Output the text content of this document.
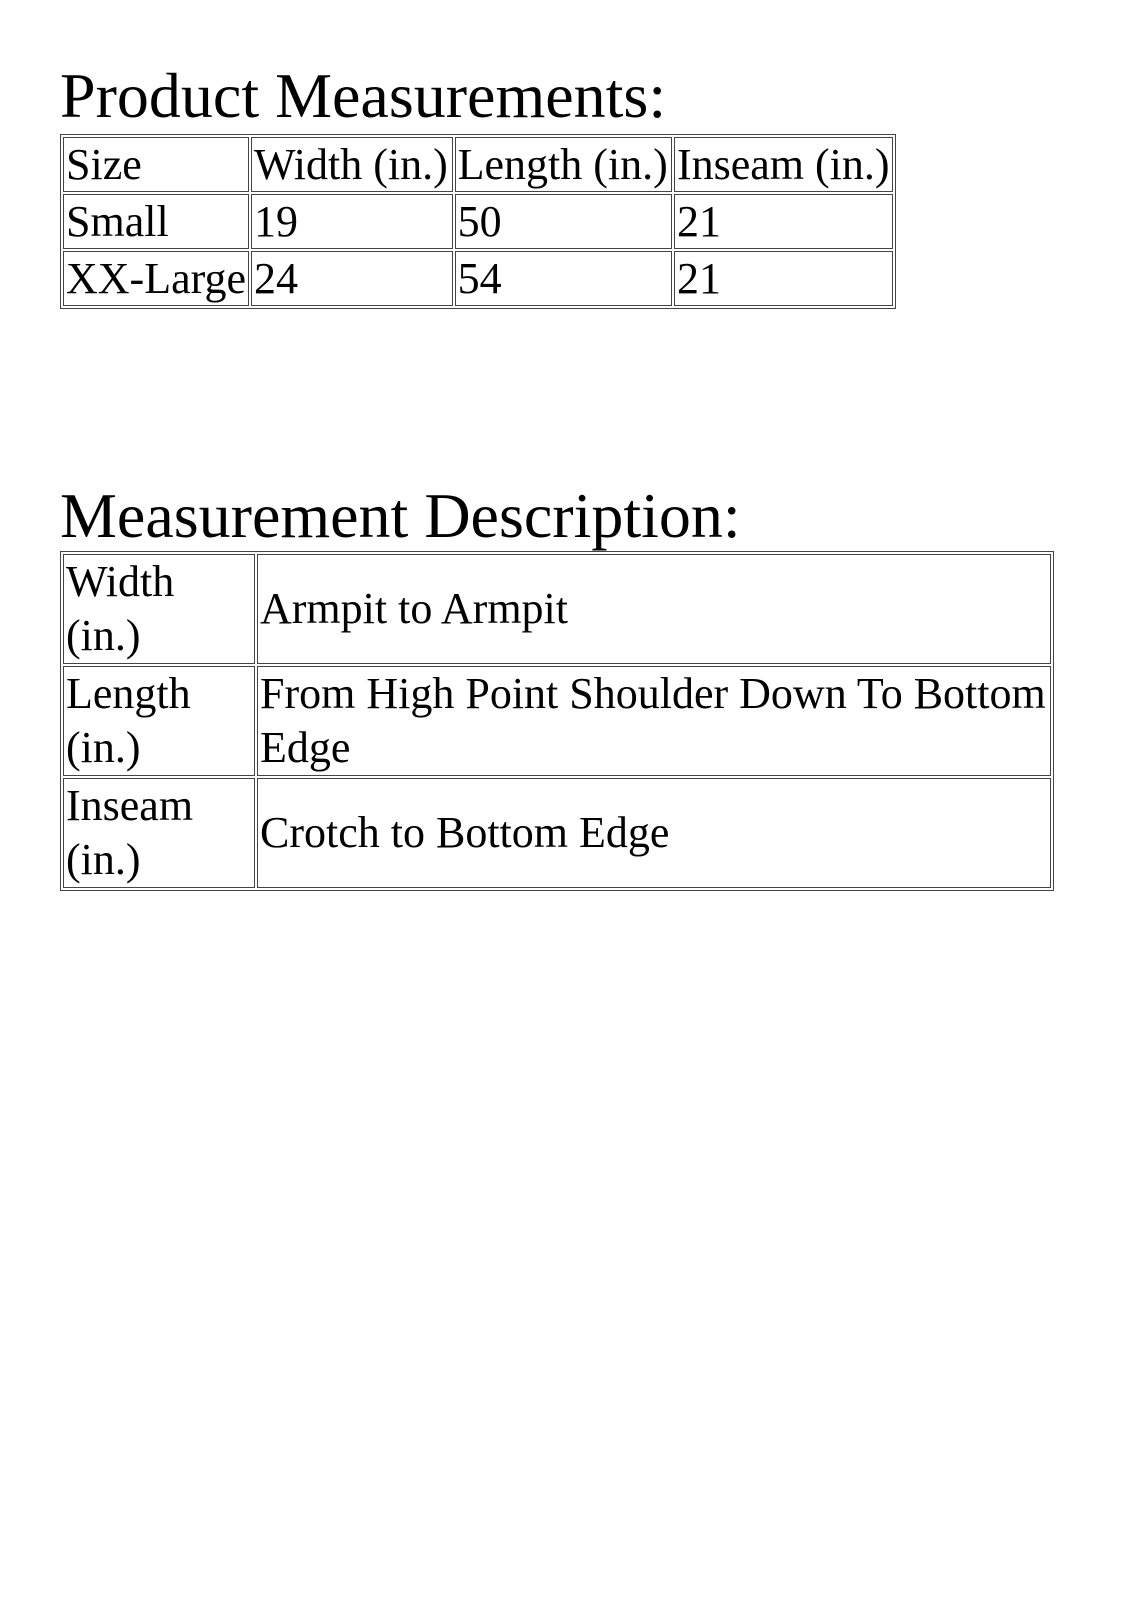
Product Measurements:
Size	Width (in.)	Length (in.)	Inseam (in.)
Small	19	50	21
XX-Large	24	54	21
Measurement Description:
Width (in.)	Armpit to Armpit
Length (in.)	From High Point Shoulder Down To Bottom Edge
Inseam (in.)	Crotch to Bottom Edge
